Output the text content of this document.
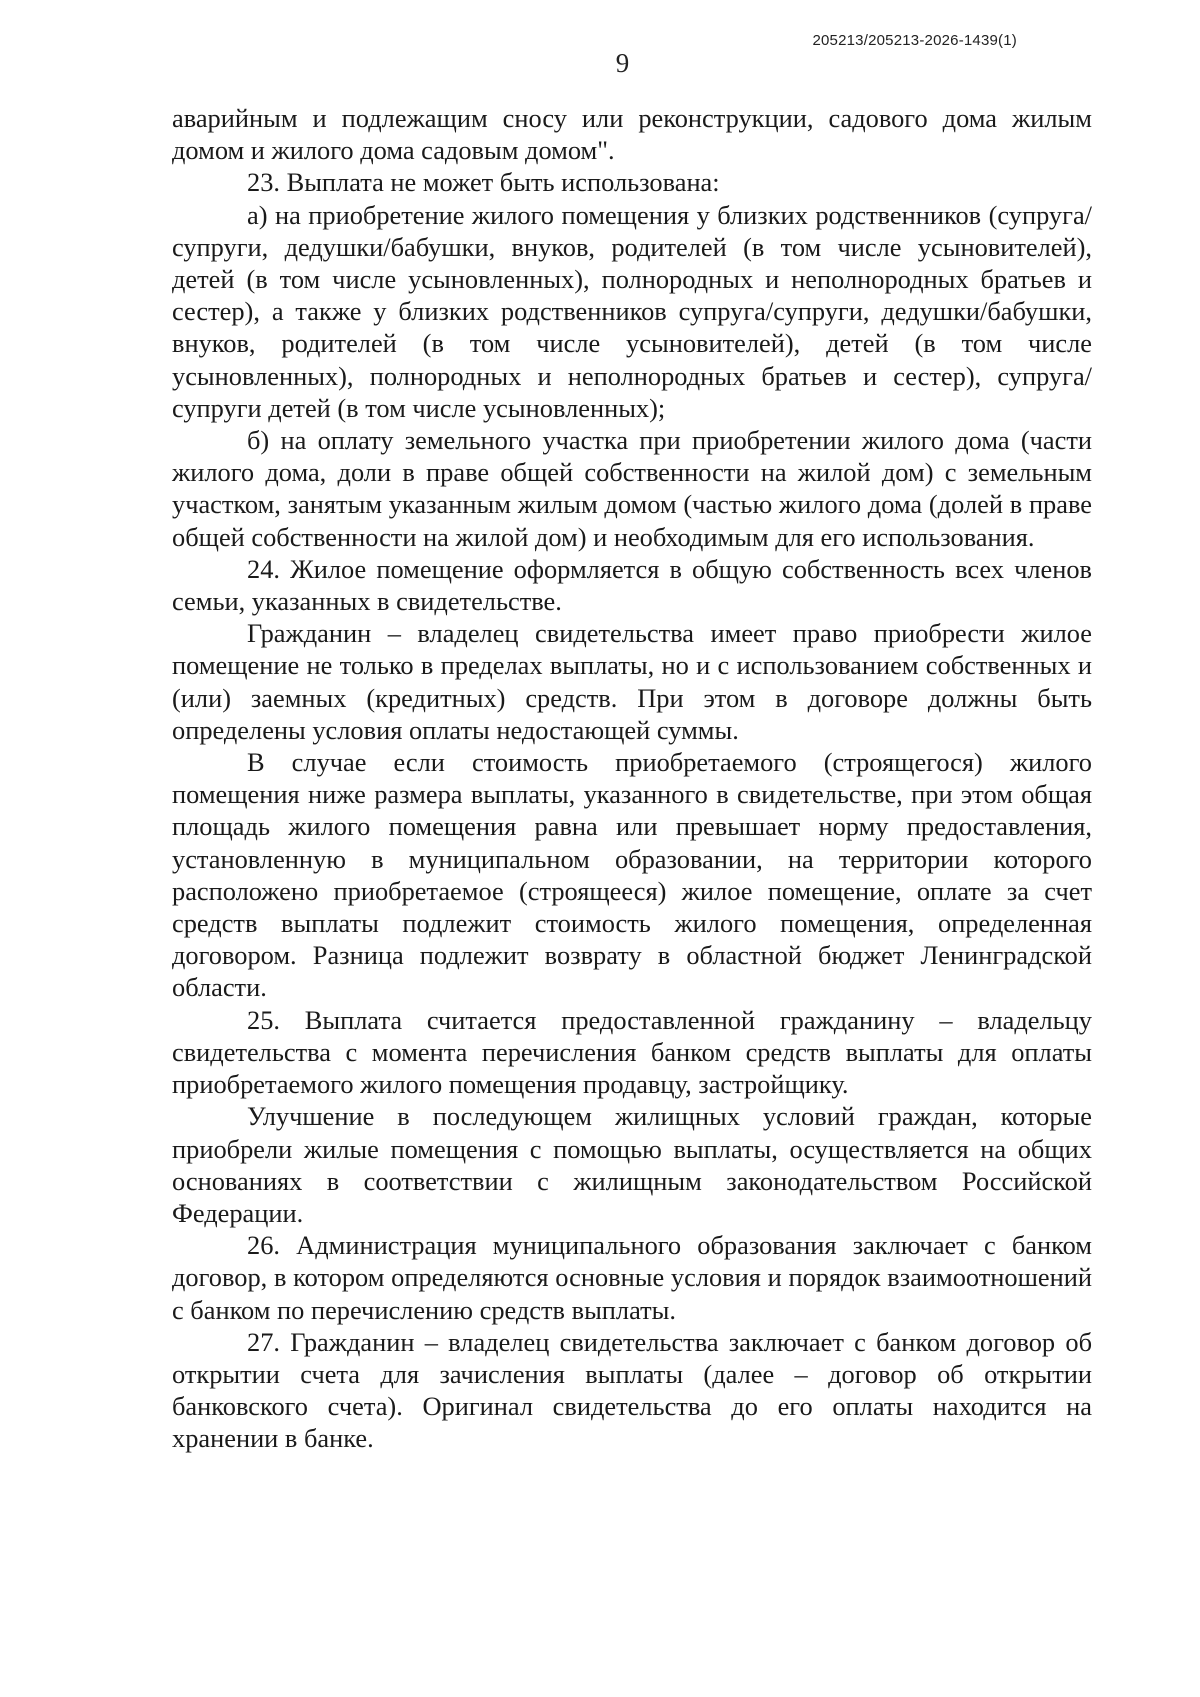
205213/205213-2026-1439(1)
9

аварийным и подлежащим сносу или реконструкции, садового дома жилым домом и жилого дома садовым домом".

23. Выплата не может быть использована:

а) на приобретение жилого помещения у близких родственников (супруга/супруги, дедушки/бабушки, внуков, родителей (в том числе усыновителей), детей (в том числе усыновленных), полнородных и неполнородных братьев и сестер), а также у близких родственников супруга/супруги, дедушки/бабушки, внуков, родителей (в том числе усыновителей), детей (в том числе усыновленных), полнородных и неполнородных братьев и сестер), супруга/супруги детей (в том числе усыновленных);

б) на оплату земельного участка при приобретении жилого дома (части жилого дома, доли в праве общей собственности на жилой дом) с земельным участком, занятым указанным жилым домом (частью жилого дома (долей в праве общей собственности на жилой дом) и необходимым для его использования.

24. Жилое помещение оформляется в общую собственность всех членов семьи, указанных в свидетельстве.

Гражданин – владелец свидетельства имеет право приобрести жилое помещение не только в пределах выплаты, но и с использованием собственных и (или) заемных (кредитных) средств. При этом в договоре должны быть определены условия оплаты недостающей суммы.

В случае если стоимость приобретаемого (строящегося) жилого помещения ниже размера выплаты, указанного в свидетельстве, при этом общая площадь жилого помещения равна или превышает норму предоставления, установленную в муниципальном образовании, на территории которого расположено приобретаемое (строящееся) жилое помещение, оплате за счет средств выплаты подлежит стоимость жилого помещения, определенная договором. Разница подлежит возврату в областной бюджет Ленинградской области.

25. Выплата считается предоставленной гражданину – владельцу свидетельства с момента перечисления банком средств выплаты для оплаты приобретаемого жилого помещения продавцу, застройщику.

Улучшение в последующем жилищных условий граждан, которые приобрели жилые помещения с помощью выплаты, осуществляется на общих основаниях в соответствии с жилищным законодательством Российской Федерации.

26. Администрация муниципального образования заключает с банком договор, в котором определяются основные условия и порядок взаимоотношений с банком по перечислению средств выплаты.

27. Гражданин – владелец свидетельства заключает с банком договор об открытии счета для зачисления выплаты (далее – договор об открытии банковского счета). Оригинал свидетельства до его оплаты находится на хранении в банке.
